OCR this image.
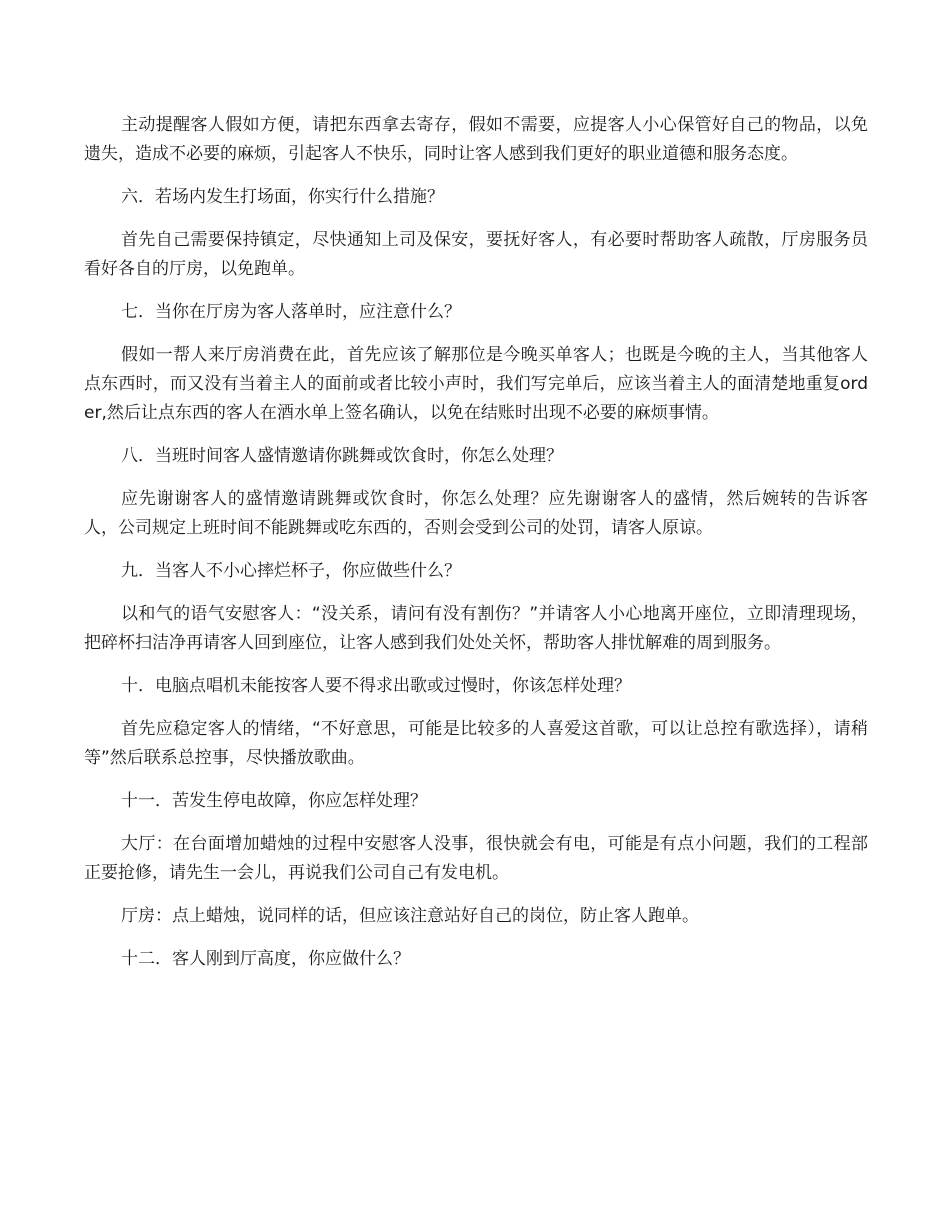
主动提醒客人假如方便，请把东西拿去寄存，假如不需要，应提客人小心保管好自己的物品，以免遗失，造成不必要的麻烦，引起客人不快乐，同时让客人感到我们更好的职业道德和服务态度。

六．若场内发生打场面，你实行什么措施？

首先自己需要保持镇定，尽快通知上司及保安，要抚好客人，有必要时帮助客人疏散，厅房服务员看好各自的厅房，以免跑单。

七．当你在厅房为客人落单时，应注意什么？

假如一帮人来厅房消费在此，首先应该了解那位是今晚买单客人；也既是今晚的主人，当其他客人点东西时，而又没有当着主人的面前或者比较小声时，我们写完单后，应该当着主人的面清楚地重复order,然后让点东西的客人在酒水单上签名确认，以免在结账时出现不必要的麻烦事情。

八．当班时间客人盛情邀请你跳舞或饮食时，你怎么处理？

应先谢谢客人的盛情邀请跳舞或饮食时，你怎么处理？应先谢谢客人的盛情，然后婉转的告诉客人，公司规定上班时间不能跳舞或吃东西的，否则会受到公司的处罚，请客人原谅。

九．当客人不小心摔烂杯子，你应做些什么？

以和气的语气安慰客人：“没关系，请问有没有割伤？”并请客人小心地离开座位，立即清理现场，把碎杯扫洁净再请客人回到座位，让客人感到我们处处关怀，帮助客人排忧解难的周到服务。

十．电脑点唱机未能按客人要不得求出歌或过慢时，你该怎样处理？

首先应稳定客人的情绪，“不好意思，可能是比较多的人喜爱这首歌，可以让总控有歌选择），请稍等”然后联系总控事，尽快播放歌曲。

十一．苦发生停电故障，你应怎样处理？

大厅：在台面增加蜡烛的过程中安慰客人没事，很快就会有电，可能是有点小问题，我们的工程部正要抢修，请先生一会儿，再说我们公司自己有发电机。

厅房：点上蜡烛，说同样的话，但应该注意站好自己的岗位，防止客人跑单。

十二．客人刚到厅高度，你应做什么？
